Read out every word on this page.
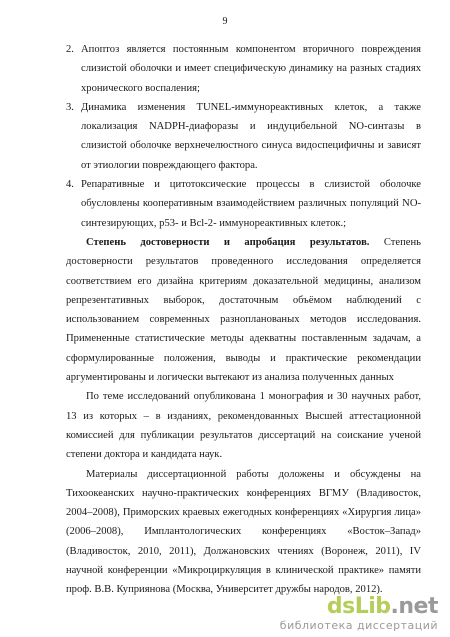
9
2. Апоптоз является постоянным компонентом вторичного повреждения слизистой оболочки и имеет специфическую динамику на разных стадиях хронического воспаления;
3. Динамика изменения TUNEL-иммунореактивных клеток, а также локализация NADPH-диафоразы и индуцибельной NO-синтазы в слизистой оболочке верхнечелюстного синуса видоспецифичны и зависят от этиологии повреждающего фактора.
4. Репаративные и цитотоксические процессы в слизистой оболочке обусловлены кооперативным взаимодействием различных популяций NO-синтезирующих, p53- и Bcl-2- иммунореактивных клеток.;

Степень достоверности и апробация результатов. Степень достоверности результатов проведенного исследования определяется соответствием его дизайна критериям доказательной медицины, анализом репрезентативных выборок, достаточным объёмом наблюдений с использованием современных разнопланованых методов исследования. Примененные статистические методы адекватны поставленным задачам, а сформулированные положения, выводы и практические рекомендации аргументированы и логически вытекают из анализа полученных данных

По теме исследований опубликована 1 монография и 30 научных работ, 13 из которых – в изданиях, рекомендованных Высшей аттестационной комиссией для публикации результатов диссертаций на соискание ученой степени доктора и кандидата наук.

Материалы диссертационной работы доложены и обсуждены на Тихоокеанских научно-практических конференциях ВГМУ (Владивосток, 2004–2008), Приморских краевых ежегодных конференциях «Хирургия лица» (2006–2008), Имплантологических конференциях «Восток–Запад» (Владивосток, 2010, 2011), Должановских чтениях (Воронеж, 2011), IV научной конференции «Микроциркуляция в клинической практике» памяти проф. В.В. Куприянова (Москва, Университет дружбы народов, 2012).

dsLib.net
библиотека диссертаций
